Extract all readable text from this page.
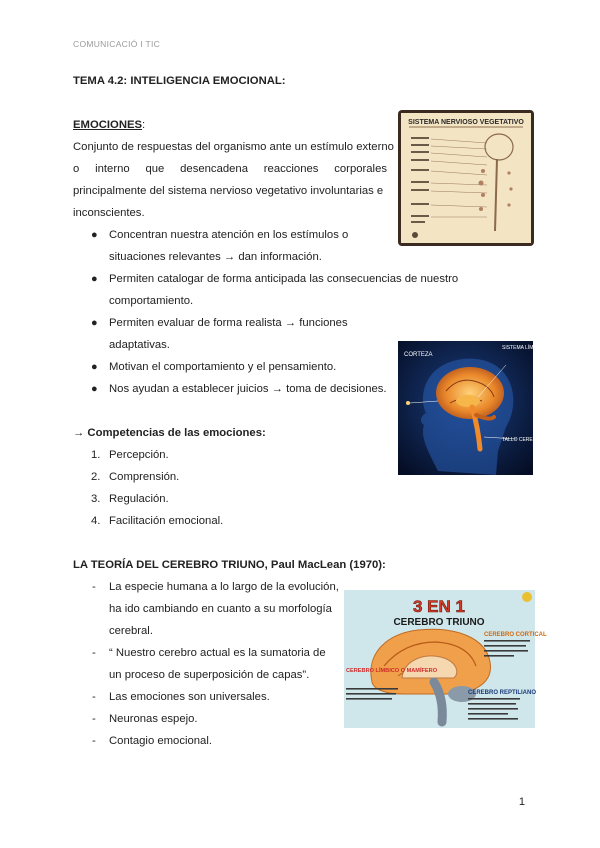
COMUNICACIÓ I TIC
TEMA 4.2: INTELIGENCIA EMOCIONAL:
EMOCIONES:
Conjunto de respuestas del organismo ante un estímulo externo
o interno que desencadena reacciones corporales
principalmente del sistema nervioso vegetativo involuntarias e
inconscientes.
● Concentran nuestra atención en los estímulos o
situaciones relevantes → dan información.
● Permiten catalogar de forma anticipada las consecuencias de nuestro
comportamiento.
● Permiten evaluar de forma realista → funciones
adaptativas.
● Motivan el comportamiento y el pensamiento.
● Nos ayudan a establecer juicios → toma de decisiones.
→ Competencias de las emociones:
1. Percepción.
2. Comprensión.
3. Regulación.
4. Facilitación emocional.
LA TEORÍA DEL CEREBRO TRIUNO, Paul MacLean (1970):
- La especie humana a lo largo de la evolución,
ha ido cambiando en cuanto a su morfología
cerebral.
- “ Nuestro cerebro actual es la sumatoria de
un proceso de superposición de capas”.
- Las emociones son universales.
- Neuronas espejo.
- Contagio emocional.
SISTEMA NERVIOSO VEGETATIVO
CORTEZA
SISTEMA LÍMBICO
TALLO CEREBRAL
3 EN 1
CEREBRO TRIUNO
CEREBRO CORTICAL
CEREBRO LÍMBICO O MAMÍFERO
CEREBRO REPTILIANO
1
